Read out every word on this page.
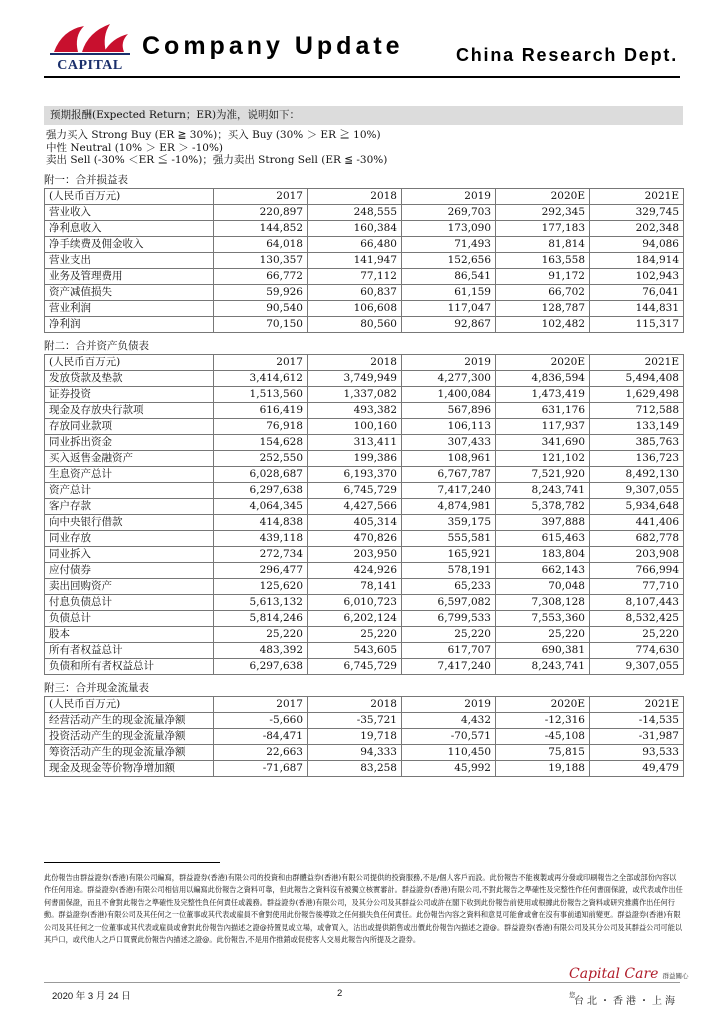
CAPITAL
Company Update	China Research Dept.
预期报酬(Expected Return；ER)为准，说明如下：
强力买入 Strong Buy (ER ≧ 30%)；买入 Buy (30% ＞ ER ≧ 10%)
中性 Neutral (10% ＞ ER ＞ -10%)
卖出 Sell (-30% ＜ER ≦ -10%)；强力卖出 Strong Sell (ER ≦ -30%)
附一：合并损益表
(人民币百万元)	2017	2018	2019	2020E	2021E
营业收入	220,897	248,555	269,703	292,345	329,745
净利息收入	144,852	160,384	173,090	177,183	202,348
净手续费及佣金收入	64,018	66,480	71,493	81,814	94,086
营业支出	130,357	141,947	152,656	163,558	184,914
业务及管理费用	66,772	77,112	86,541	91,172	102,943
资产减值损失	59,926	60,837	61,159	66,702	76,041
营业利润	90,540	106,608	117,047	128,787	144,831
净利润	70,150	80,560	92,867	102,482	115,317
附二：合并资产负债表
(人民币百万元)	2017	2018	2019	2020E	2021E
发放贷款及垫款	3,414,612	3,749,949	4,277,300	4,836,594	5,494,408
证券投资	1,513,560	1,337,082	1,400,084	1,473,419	1,629,498
现金及存放央行款项	616,419	493,382	567,896	631,176	712,588
存放同业款项	76,918	100,160	106,113	117,937	133,149
同业拆出资金	154,628	313,411	307,433	341,690	385,763
买入返售金融资产	252,550	199,386	108,961	121,102	136,723
生息资产总计	6,028,687	6,193,370	6,767,787	7,521,920	8,492,130
资产总计	6,297,638	6,745,729	7,417,240	8,243,741	9,307,055
客户存款	4,064,345	4,427,566	4,874,981	5,378,782	5,934,648
向中央银行借款	414,838	405,314	359,175	397,888	441,406
同业存放	439,118	470,826	555,581	615,463	682,778
同业拆入	272,734	203,950	165,921	183,804	203,908
应付债券	296,477	424,926	578,191	662,143	766,994
卖出回购资产	125,620	78,141	65,233	70,048	77,710
付息负债总计	5,613,132	6,010,723	6,597,082	7,308,128	8,107,443
负债总计	5,814,246	6,202,124	6,799,533	7,553,360	8,532,425
股本	25,220	25,220	25,220	25,220	25,220
所有者权益总计	483,392	543,605	617,707	690,381	774,630
负债和所有者权益总计	6,297,638	6,745,729	7,417,240	8,243,741	9,307,055
附三：合并现金流量表
(人民币百万元)	2017	2018	2019	2020E	2021E
经营活动产生的现金流量净额	-5,660	-35,721	4,432	-12,316	-14,535
投资活动产生的现金流量净额	-84,471	19,718	-70,571	-45,108	-31,987
筹资活动产生的现金流量净额	22,663	94,333	110,450	75,815	93,533
现金及现金等价物净增加额	-71,687	83,258	45,992	19,188	49,479
此份報告由群益證券(香港)有限公司編寫，群益證券(香港)有限公司的投資和由群體益券(香港)有限公司提供的投資服務,不是/個人客戶而設。此份報告不能複製或再分發或印刷報告之全部或部份內容以作任何用途。群益證券(香港)有限公司相信用以編寫此份報告之資料可靠，但此報告之資料沒有被獨立核實審計。群益證券(香港)有限公司,不對此報告之準確性及完整性作任何書面保證，或代表或作出任何書面保證，而且不會對此報告之準確性及完整性負任何責任或義務。群益證券(香港)有限公司，及其分公司及其群益公司或許在閣下收到此份報告前使用或根據此份報告之資料或研究推薦作出任何行動。群益證券(香港)有限公司及其任何之一位董事或其代表或雇員不會對使用此份報告後導致之任何損失負任何責任。此份報告內容之資料和意見可能會或會在沒有事前通知前變更。群益證券(香港)有限公司及其任何之一位董事或其代表或雇員或會對此份報告內描述之證@持置見或立場，或會買入，沽出或提供銷售或出價此份報告內描述之證@。群益證券(香港)有限公司及其分公司及其群益公司可能以其戶口，或代他人之戶口買賣此份報告內描述之證@。此份報告,不是用作推銷或促使客人交易此報告內所提及之證券。
Capital Care 群益關心您
台北・香港・上海
2020 年 3 月 24 日	2
